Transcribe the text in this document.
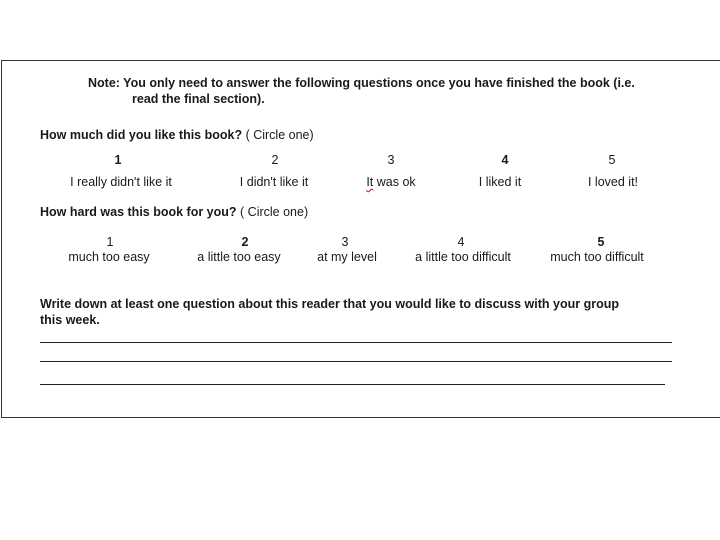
Note: You only need to answer the following questions once you have finished the book (i.e.
read the final section).
How much did you like this book? ( Circle one)
1	2	3	4	5
I really didn't like it	I didn't like it	It was ok	I liked it	I loved it!
How hard was this book for you? ( Circle one)
1	2	3	4	5
much too easy	a little too easy	at my level	a little too difficult	much too difficult
Write down at least one question about this reader that you would like to discuss with your group
this week.
